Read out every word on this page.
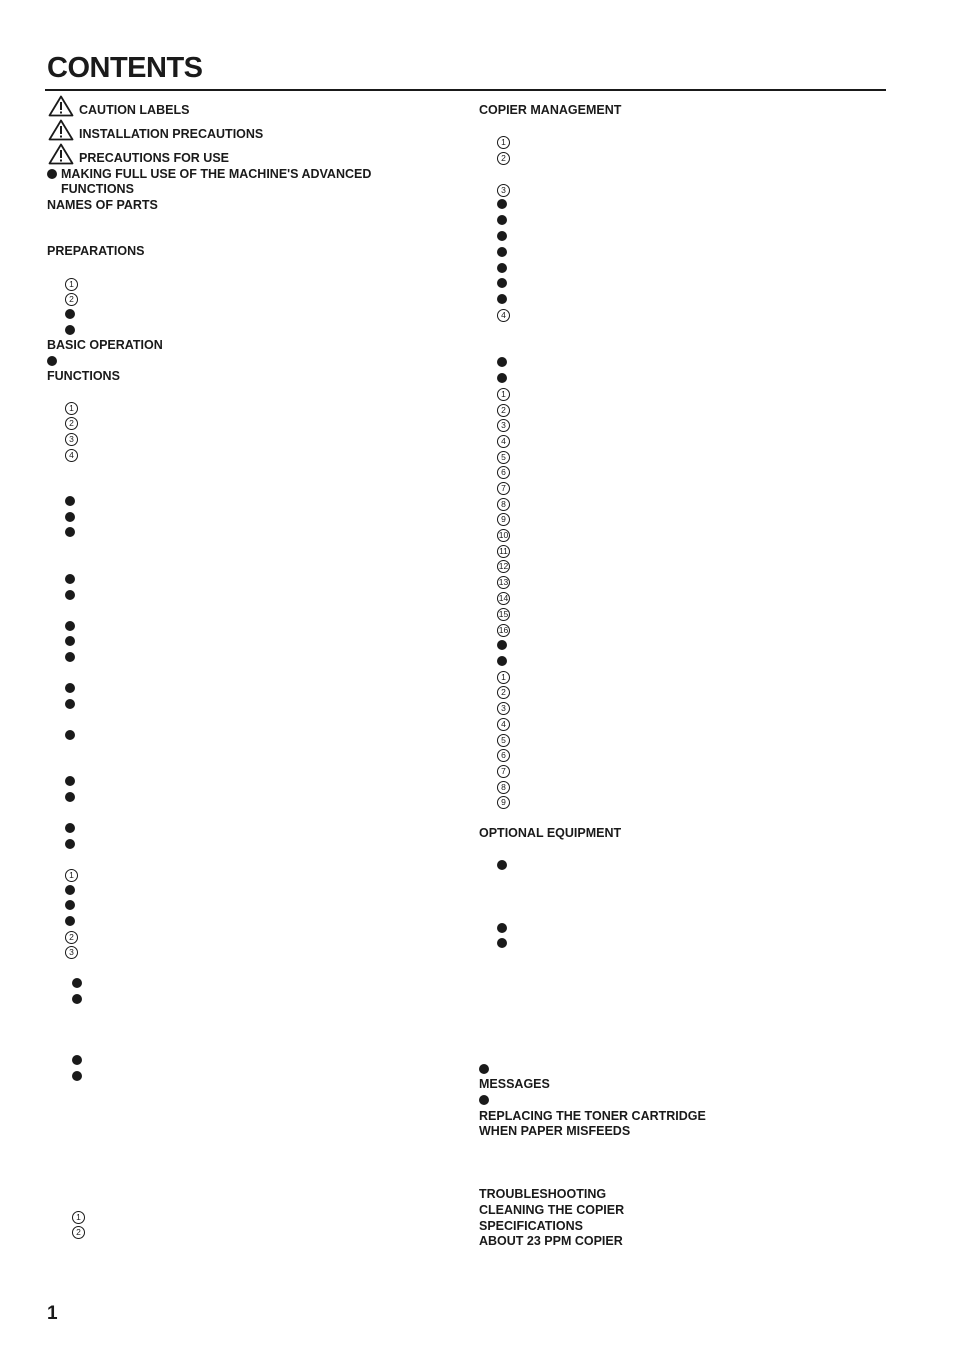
CONTENTS
CAUTION LABELS
INSTALLATION PRECAUTIONS
PRECAUTIONS FOR USE
MAKING FULL USE OF THE MACHINE'S ADVANCED
FUNCTIONS
NAMES OF PARTS
PREPARATIONS
1
2
BASIC OPERATION
FUNCTIONS
1
2
3
4
1
2
3
1
2
COPIER MANAGEMENT
1
2
3
4
1
2
3
4
5
6
7
8
9
10
11
12
13
14
15
16
1
2
3
4
5
6
7
8
9
OPTIONAL EQUIPMENT
MESSAGES
REPLACING THE TONER CARTRIDGE
WHEN PAPER MISFEEDS
TROUBLESHOOTING
CLEANING THE COPIER
SPECIFICATIONS
ABOUT 23 PPM COPIER
1
